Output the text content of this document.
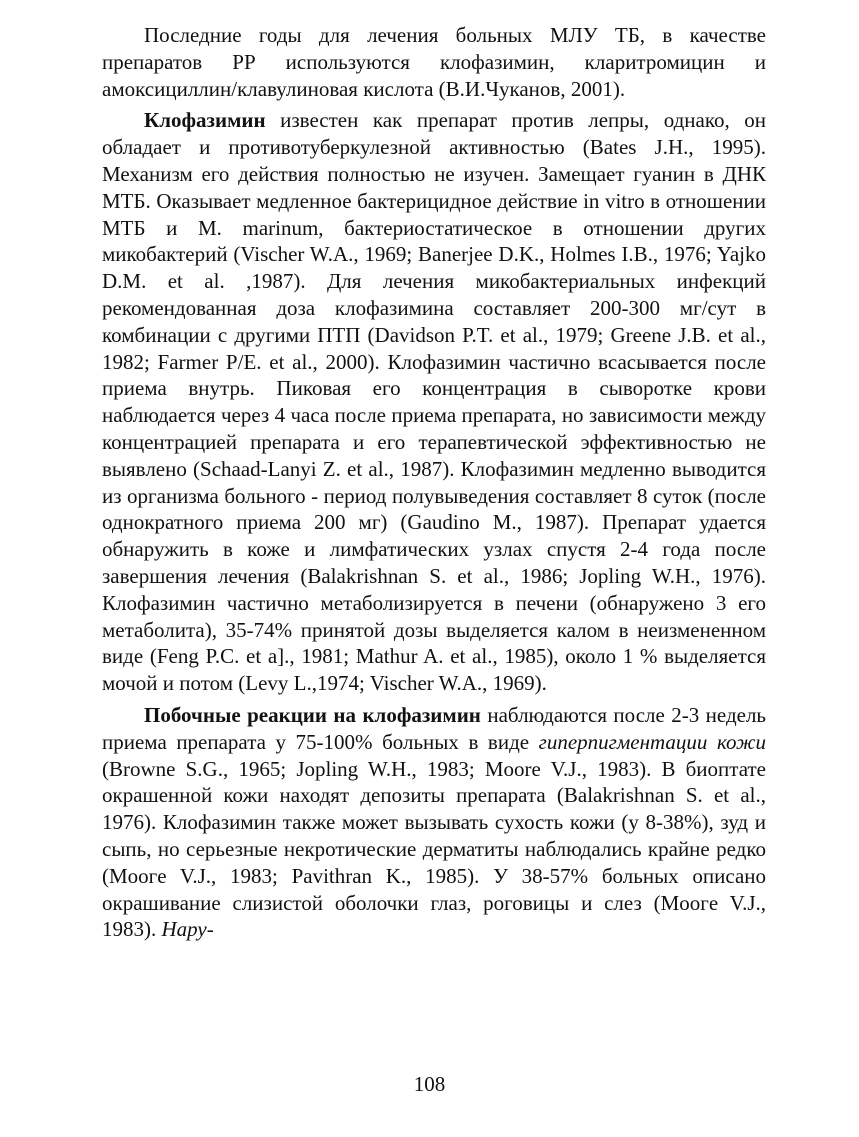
Последние годы для лечения больных МЛУ ТБ, в качестве препаратов РР используются клофазимин, кларитромицин и амоксициллин/клавулиновая кислота (В.И.Чуканов, 2001).

Клофазимин известен как препарат против лепры, однако, он обладает и противотуберкулезной активностью (Bates J.H., 1995). Механизм его действия полностью не изучен. Замещает гуанин в ДНК МТБ. Оказывает медленное бактерицидное действие in vitro в отношении МТБ и M. marinum, бактериостатическое в отношении других микобактерий (Vischer W.A., 1969; Banerjee D.K., Holmes I.B., 1976; Yajko D.M. et al. ,1987). Для лечения микобактериальных инфекций рекомендованная доза клофазимина составляет 200-300 мг/сут в комбинации с другими ПТП (Davidson P.T. et al., 1979; Greene J.B. et al., 1982; Farmer P/E. et al., 2000). Клофазимин частично всасывается после приема внутрь. Пиковая его концентрация в сыворотке крови наблюдается через 4 часа после приема препарата, но зависимости между концентрацией препарата и его терапевтической эффективностью не выявлено (Schaad-Lanyi Z. et al., 1987). Клофазимин медленно выводится из организма больного - период полувыведения составляет 8 суток (после однократного приема 200 мг) (Gaudino M., 1987). Препарат удается обнаружить в коже и лимфатических узлах спустя 2-4 года после завершения лечения (Balakrishnan S. et al., 1986; Jopling W.H., 1976). Клофазимин частично метаболизируется в печени (обнаружено 3 его метаболита), 35-74% принятой дозы выделяется калом в неизмененном виде (Feng P.C. et a]., 1981; Mathur A. et al., 1985), около 1 % выделяется мочой и потом (Levy L.,1974; Vischer W.A., 1969).

Побочные реакции на клофазимин наблюдаются после 2-3 недель приема препарата у 75-100% больных в виде гиперпигментации кожи (Browne S.G., 1965; Jopling W.H., 1983; Moore V.J., 1983). В биоптате окрашенной кожи находят депозиты препарата (Balakrishnan S. et al., 1976). Клофазимин также может вызывать сухость кожи (у 8-38%), зуд и сыпь, но серьезные некротические дерматиты наблюдались крайне редко (Mooгe V.J., 1983; Pavithran K., 1985). У 38-57% больных описано окрашивание слизистой оболочки глаз, роговицы и слез (Mooгe V.J., 1983). Нару-

108
